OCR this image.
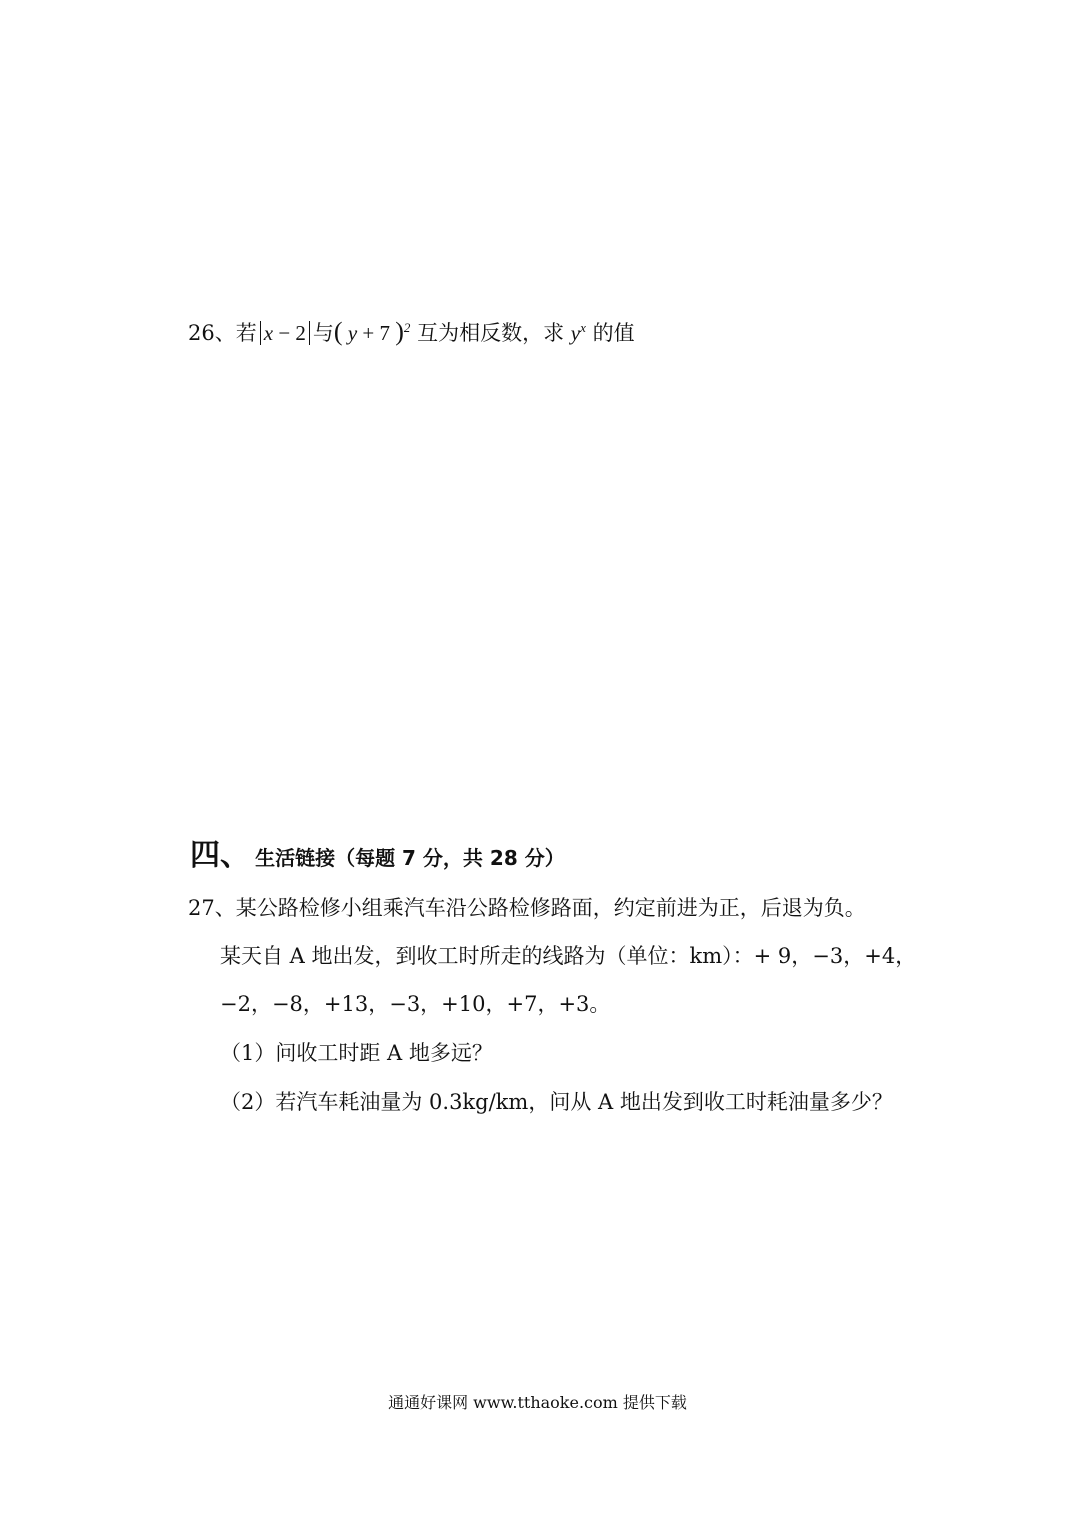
26、若 x − 2 与( y + 7 )$^2$ 互为相反数，求 $y^x$ 的值
四、 生活链接（每题 7 分，共 28 分）
27、某公路检修小组乘汽车沿公路检修路面，约定前进为正，后退为负。
某天自 A 地出发，到收工时所走的线路为（单位：km）：+ 9，−3，+4，
−2，−8，+13，−3，+10，+7，+3。
（1）问收工时距 A 地多远？
（2）若汽车耗油量为 0.3kg/km，问从 A 地出发到收工时耗油量多少？
通通好课网 www.tthaoke.com 提供下载
